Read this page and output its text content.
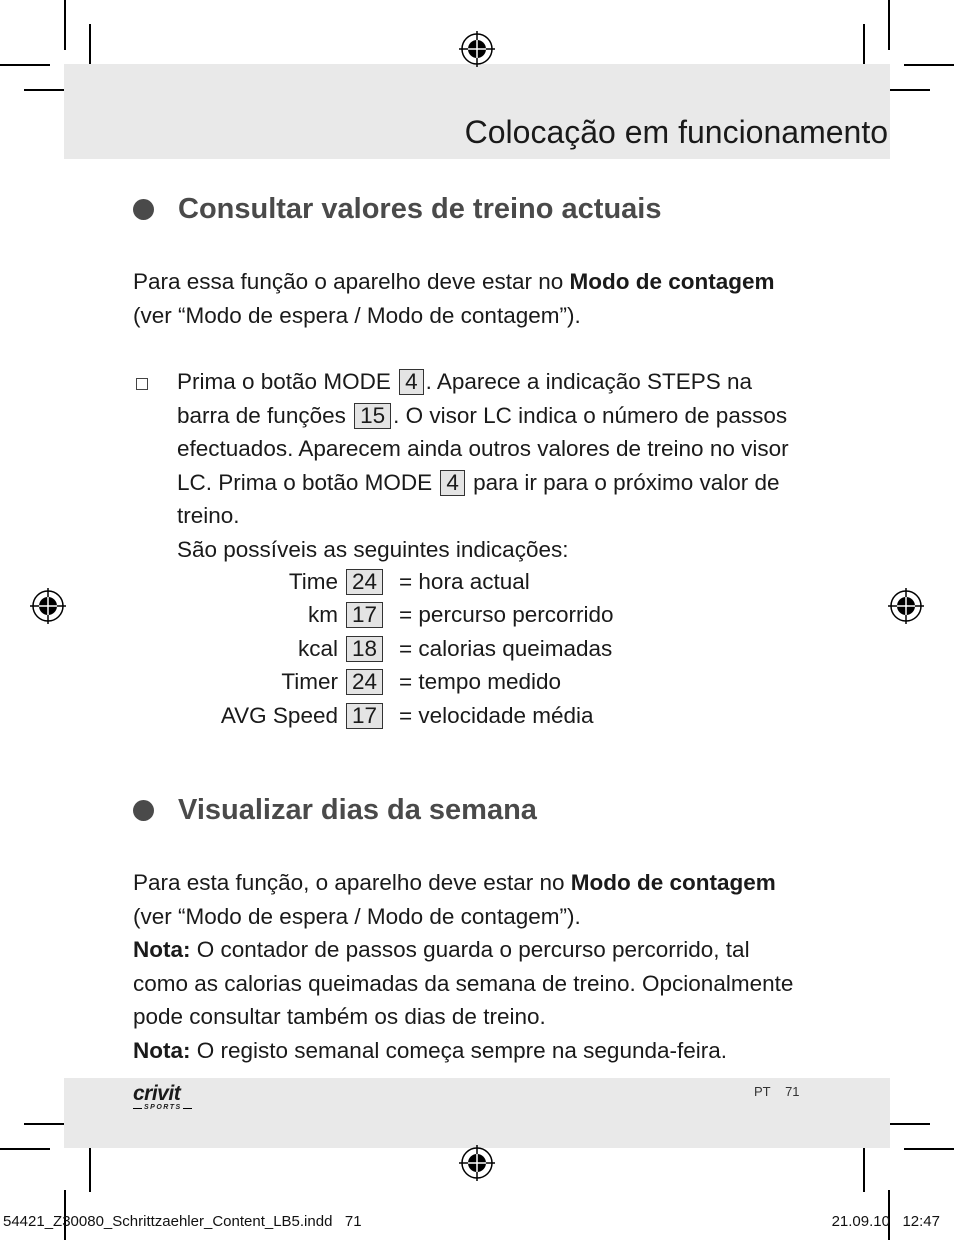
Colocação em funcionamento
Consultar valores de treino actuais
Para essa função o aparelho deve estar no Modo de contagem
(ver “Modo de espera / Modo de contagem”).
Prima o botão MODE 4 . Aparece a indicação STEPS na
barra de funções 15 . O visor LC indica o número de passos
efectuados. Aparecem ainda outros valores de treino no visor
LC. Prima o botão MODE 4 para ir para o próximo valor de
treino.
São possíveis as seguintes indicações:
Time 24 = hora actual
km 17 = percurso percorrido
kcal 18 = calorias queimadas
Timer 24 = tempo medido
AVG Speed 17 = velocidade média
Visualizar dias da semana
Para esta função, o aparelho deve estar no Modo de contagem
(ver “Modo de espera / Modo de contagem”).
Nota: O contador de passos guarda o percurso percorrido, tal
como as calorias queimadas da semana de treino. Opcionalmente
pode consultar também os dias de treino.
Nota: O registo semanal começa sempre na segunda-feira.
crivit
SPORTS
PT 71
54421_Z30080_Schrittzaehler_Content_LB5.indd   71	21.09.10   12:47
